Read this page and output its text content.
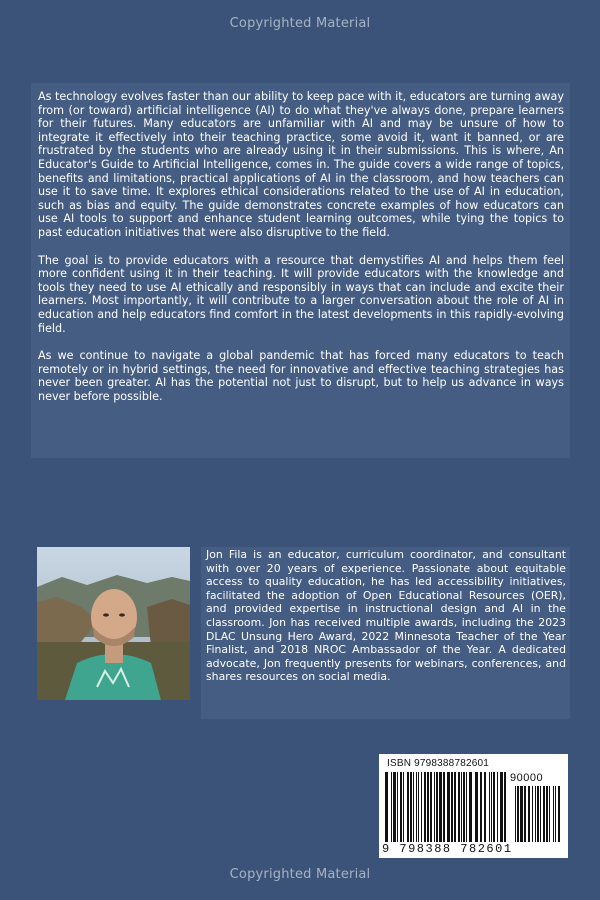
Copyrighted Material

As technology evolves faster than our ability to keep pace with it, educators are turning away from (or toward) artificial intelligence (AI) to do what they've always done, prepare learners for their futures. Many educators are unfamiliar with AI and may be unsure of how to integrate it effectively into their teaching practice, some avoid it, want it banned, or are frustrated by the students who are already using it in their submissions. This is where, An Educator's Guide to Artificial Intelligence, comes in. The guide covers a wide range of topics, benefits and limitations, practical applications of AI in the classroom, and how teachers can use it to save time. It explores ethical considerations related to the use of AI in education, such as bias and equity. The guide demonstrates concrete examples of how educators can use AI tools to support and enhance student learning outcomes, while tying the topics to past education initiatives that were also disruptive to the field.

The goal is to provide educators with a resource that demystifies AI and helps them feel more confident using it in their teaching. It will provide educators with the knowledge and tools they need to use AI ethically and responsibly in ways that can include and excite their learners. Most importantly, it will contribute to a larger conversation about the role of AI in education and help educators find comfort in the latest developments in this rapidly-evolving field.

As we continue to navigate a global pandemic that has forced many educators to teach remotely or in hybrid settings, the need for innovative and effective teaching strategies has never been greater. AI has the potential not just to disrupt, but to help us advance in ways never before possible.

Jon Fila is an educator, curriculum coordinator, and consultant with over 20 years of experience. Passionate about equitable access to quality education, he has led accessibility initiatives, facilitated the adoption of Open Educational Resources (OER), and provided expertise in instructional design and AI in the classroom. Jon has received multiple awards, including the 2023 DLAC Unsung Hero Award, 2022 Minnesota Teacher of the Year Finalist, and 2018 NROC Ambassador of the Year. A dedicated advocate, Jon frequently presents for webinars, conferences, and shares resources on social media.

ISBN 9798388782601
90000
9 798388 782601
Copyrighted Material
